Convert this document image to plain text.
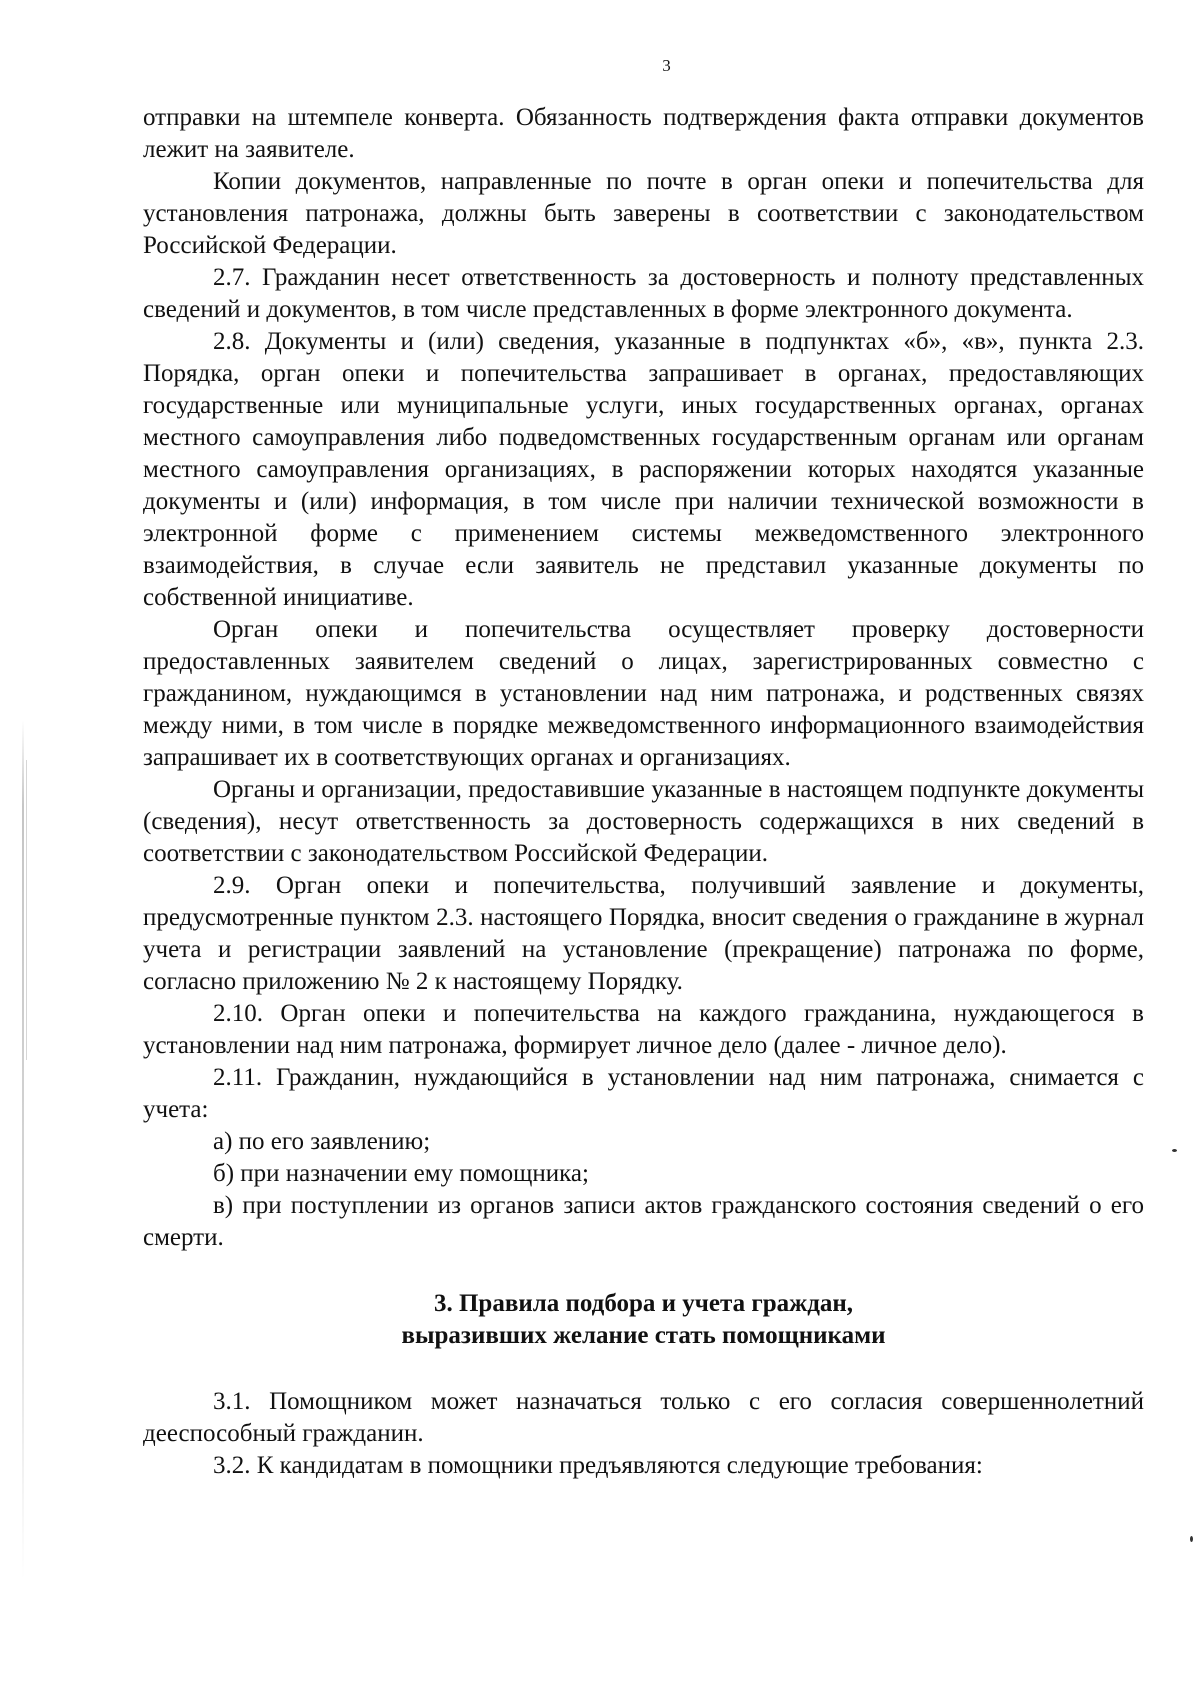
3

отправки на штемпеле конверта. Обязанность подтверждения факта отправки документов лежит на заявителе.

Копии документов, направленные по почте в орган опеки и попечительства для установления патронажа, должны быть заверены в соответствии с законодательством Российской Федерации.

2.7. Гражданин несет ответственность за достоверность и полноту представленных сведений и документов, в том числе представленных в форме электронного документа.

2.8. Документы и (или) сведения, указанные в подпунктах «б», «в», пункта 2.3. Порядка, орган опеки и попечительства запрашивает в органах, предоставляющих государственные или муниципальные услуги, иных государственных органах, органах местного самоуправления либо подведомственных государственным органам или органам местного самоуправления организациях, в распоряжении которых находятся указанные документы и (или) информация, в том числе при наличии технической возможности в электронной форме с применением системы межведомственного электронного взаимодействия, в случае если заявитель не представил указанные документы по собственной инициативе.

Орган опеки и попечительства осуществляет проверку достоверности предоставленных заявителем сведений о лицах, зарегистрированных совместно с гражданином, нуждающимся в установлении над ним патронажа, и родственных связях между ними, в том числе в порядке межведомственного информационного взаимодействия запрашивает их в соответствующих органах и организациях.

Органы и организации, предоставившие указанные в настоящем подпункте документы (сведения), несут ответственность за достоверность содержащихся в них сведений в соответствии с законодательством Российской Федерации.

2.9. Орган опеки и попечительства, получивший заявление и документы, предусмотренные пунктом 2.3. настоящего Порядка, вносит сведения о гражданине в журнал учета и регистрации заявлений на установление (прекращение) патронажа по форме, согласно приложению № 2 к настоящему Порядку.

2.10. Орган опеки и попечительства на каждого гражданина, нуждающегося в установлении над ним патронажа, формирует личное дело (далее - личное дело).

2.11. Гражданин, нуждающийся в установлении над ним патронажа, снимается с учета:

а) по его заявлению;

б) при назначении ему помощника;

в) при поступлении из органов записи актов гражданского состояния сведений о его смерти.

3. Правила подбора и учета граждан,
выразивших желание стать помощниками

3.1. Помощником может назначаться только с его согласия совершеннолетний дееспособный гражданин.

3.2. К кандидатам в помощники предъявляются следующие требования:
